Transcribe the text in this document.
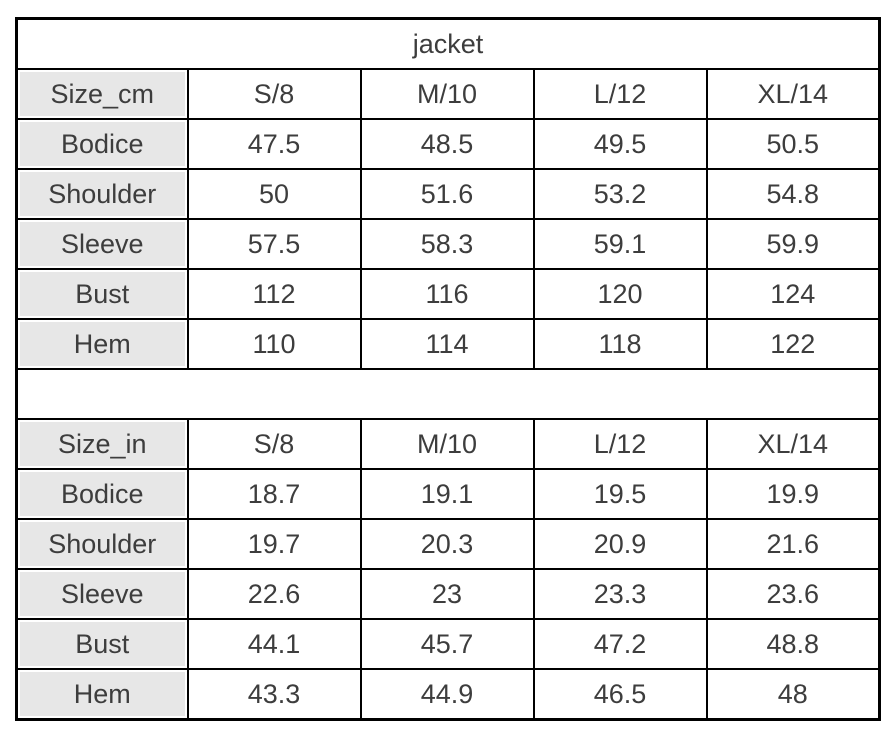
jacket				
Size_cm	S/8	M/10	L/12	XL/14
Bodice	47.5	48.5	49.5	50.5
Shoulder	50	51.6	53.2	54.8
Sleeve	57.5	58.3	59.1	59.9
Bust	112	116	120	124
Hem	110	114	118	122

Size_in	S/8	M/10	L/12	XL/14
Bodice	18.7	19.1	19.5	19.9
Shoulder	19.7	20.3	20.9	21.6
Sleeve	22.6	23	23.3	23.6
Bust	44.1	45.7	47.2	48.8
Hem	43.3	44.9	46.5	48
